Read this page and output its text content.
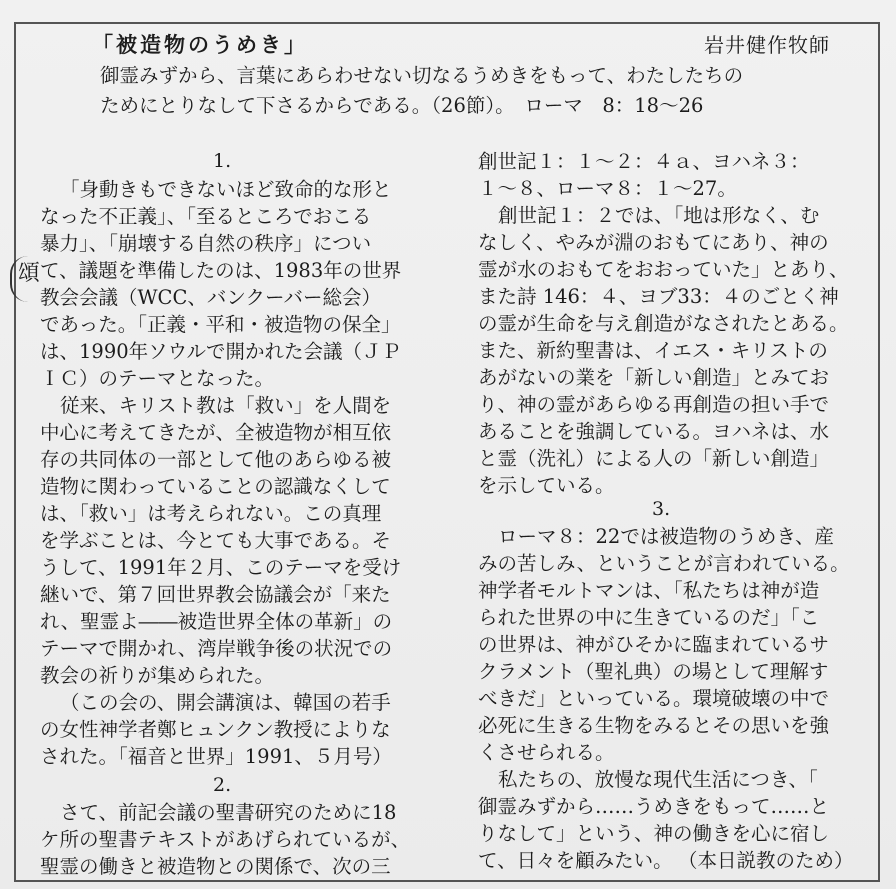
「被造物のうめき」	岩井健作牧師
御霊みずから、言葉にあらわせない切なるうめきをもって、わたしたちの
ためにとりなして下さるからである。（26節）。　ローマ　8：18〜26
頌
1.
「身動きもできないほど致命的な形と
なった不正義」、「至るところでおこる
暴力」、「崩壊する自然の秩序」につい
て、議題を準備したのは、1983年の世界
教会会議（WCC、バンクーバー総会）
であった。「正義・平和・被造物の保全」
は、1990年ソウルで開かれた会議（ＪＰ
ＩＣ）のテーマとなった。
従来、キリスト教は「救い」を人間を
中心に考えてきたが、全被造物が相互依
存の共同体の一部として他のあらゆる被
造物に関わっていることの認識なくして
は、「救い」は考えられない。この真理
を学ぶことは、今とても大事である。そ
うして、1991年２月、このテーマを受け
継いで、第７回世界教会協議会が「来た
れ、聖霊よ――被造世界全体の革新」の
テーマで開かれ、湾岸戦争後の状況での
教会の祈りが集められた。
（この会の、開会講演は、韓国の若手
の女性神学者鄭ヒュンクン教授によりな
された。「福音と世界」1991、５月号）
2.
さて、前記会議の聖書研究のために18
ケ所の聖書テキストがあげられているが、
聖霊の働きと被造物との関係で、次の三
創世記１：１〜２：４ａ、ヨハネ３：
１〜８、ローマ８：１〜27。
創世記１：２では、「地は形なく、む
なしく、やみが淵のおもてにあり、神の
霊が水のおもてをおおっていた」とあり、
また詩 146：４、ヨブ33：４のごとく神
の霊が生命を与え創造がなされたとある。
また、新約聖書は、イエス・キリストの
あがないの業を「新しい創造」とみてお
り、神の霊があらゆる再創造の担い手で
あることを強調している。ヨハネは、水
と霊（洗礼）による人の「新しい創造」
を示している。
3.
ローマ８：22では被造物のうめき、産
みの苦しみ、ということが言われている。
神学者モルトマンは、「私たちは神が造
られた世界の中に生きているのだ」「こ
の世界は、神がひそかに臨まれているサ
クラメント（聖礼典）の場として理解す
べきだ」といっている。環境破壊の中で
必死に生きる生物をみるとその思いを強
くさせられる。
私たちの、放慢な現代生活につき、「
御霊みずから……うめきをもって……と
りなして」という、神の働きを心に宿し
て、日々を顧みたい。 （本日説教のため）
